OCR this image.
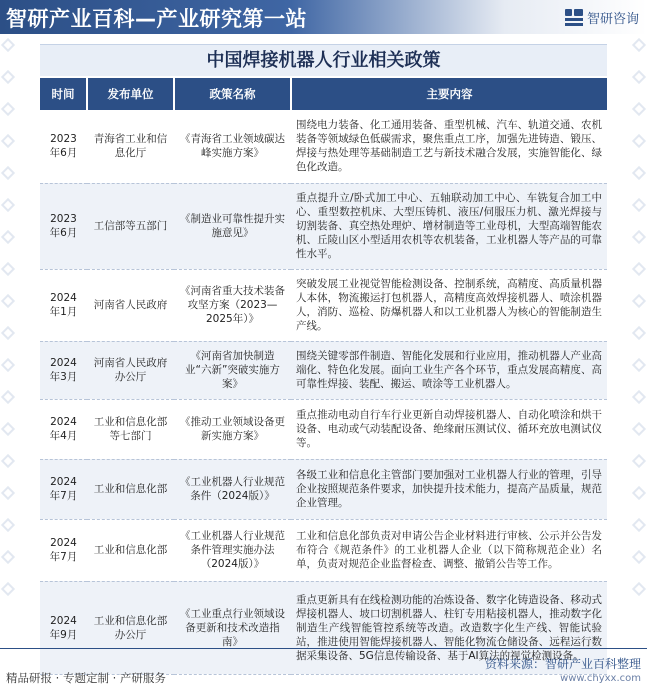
智研产业百科—产业研究第一站	智研咨询
中国焊接机器人行业相关政策
时间	发布单位	政策名称	主要内容
2023年6月	青海省工业和信息化厅	《青海省工业领域碳达峰实施方案》	围绕电力装备、化工通用装备、重型机械、汽车、轨道交通、农机装备等领域绿色低碳需求，聚焦重点工序，加强先进铸造、锻压、焊接与热处理等基础制造工艺与新技术融合发展，实施智能化、绿色化改造。
2023年6月	工信部等五部门	《制造业可靠性提升实施意见》	重点提升立/卧式加工中心、五轴联动加工中心、车铣复合加工中心、重型数控机床、大型压铸机、液压/伺服压力机、激光焊接与切割装备、真空热处理炉、增材制造等工业母机，大型高端智能农机、丘陵山区小型适用农机等农机装备，工业机器人等产品的可靠性水平。
2024年1月	河南省人民政府	《河南省重大技术装备攻坚方案（2023—2025年）》	突破发展工业视觉智能检测设备、控制系统，高精度、高质量机器人本体，物流搬运打包机器人，高精度高效焊接机器人、喷涂机器人，消防、巡检、防爆机器人和以工业机器人为核心的智能制造生产线。
2024年3月	河南省人民政府办公厅	《河南省加快制造业“六新”突破实施方案》	围绕关键零部件制造、智能化发展和行业应用，推动机器人产业高端化、特色化发展。面向工业生产各个环节，重点发展高精度、高可靠性焊接、装配、搬运、喷涂等工业机器人。
2024年4月	工业和信息化部等七部门	《推动工业领域设备更新实施方案》	重点推动电动自行车行业更新自动焊接机器人、自动化喷涂和烘干设备、电动或气动装配设备、绝缘耐压测试仪、循环充放电测试仪等。
2024年7月	工业和信息化部	《工业机器人行业规范条件（2024版）》	各级工业和信息化主管部门要加强对工业机器人行业的管理，引导企业按照规范条件要求，加快提升技术能力，提高产品质量，规范企业管理。
2024年7月	工业和信息化部	《工业机器人行业规范条件管理实施办法（2024版）》	工业和信息化部负责对申请公告企业材料进行审核、公示并公告发布符合《规范条件》的工业机器人企业（以下简称规范企业）名单，负责对规范企业监督检查、调整、撤销公告等工作。
2024年9月	工业和信息化部办公厅	《工业重点行业领域设备更新和技术改造指南》	重点更新具有在线检测功能的冶炼设备、数字化铸造设备、移动式焊接机器人、坡口切割机器人、柱钉专用粘接机器人，推动数字化制造生产线智能管控系统等改造。改造数字化生产线、智能试验站，推进使用智能焊接机器人、智能化物流仓储设备、远程运行数据采集设备、5G信息传输设备、基于AI算法的视觉检测设备。
精品研报 · 专题定制 · 产研服务
资料来源：智研产业百科整理
www.chyxx.com
